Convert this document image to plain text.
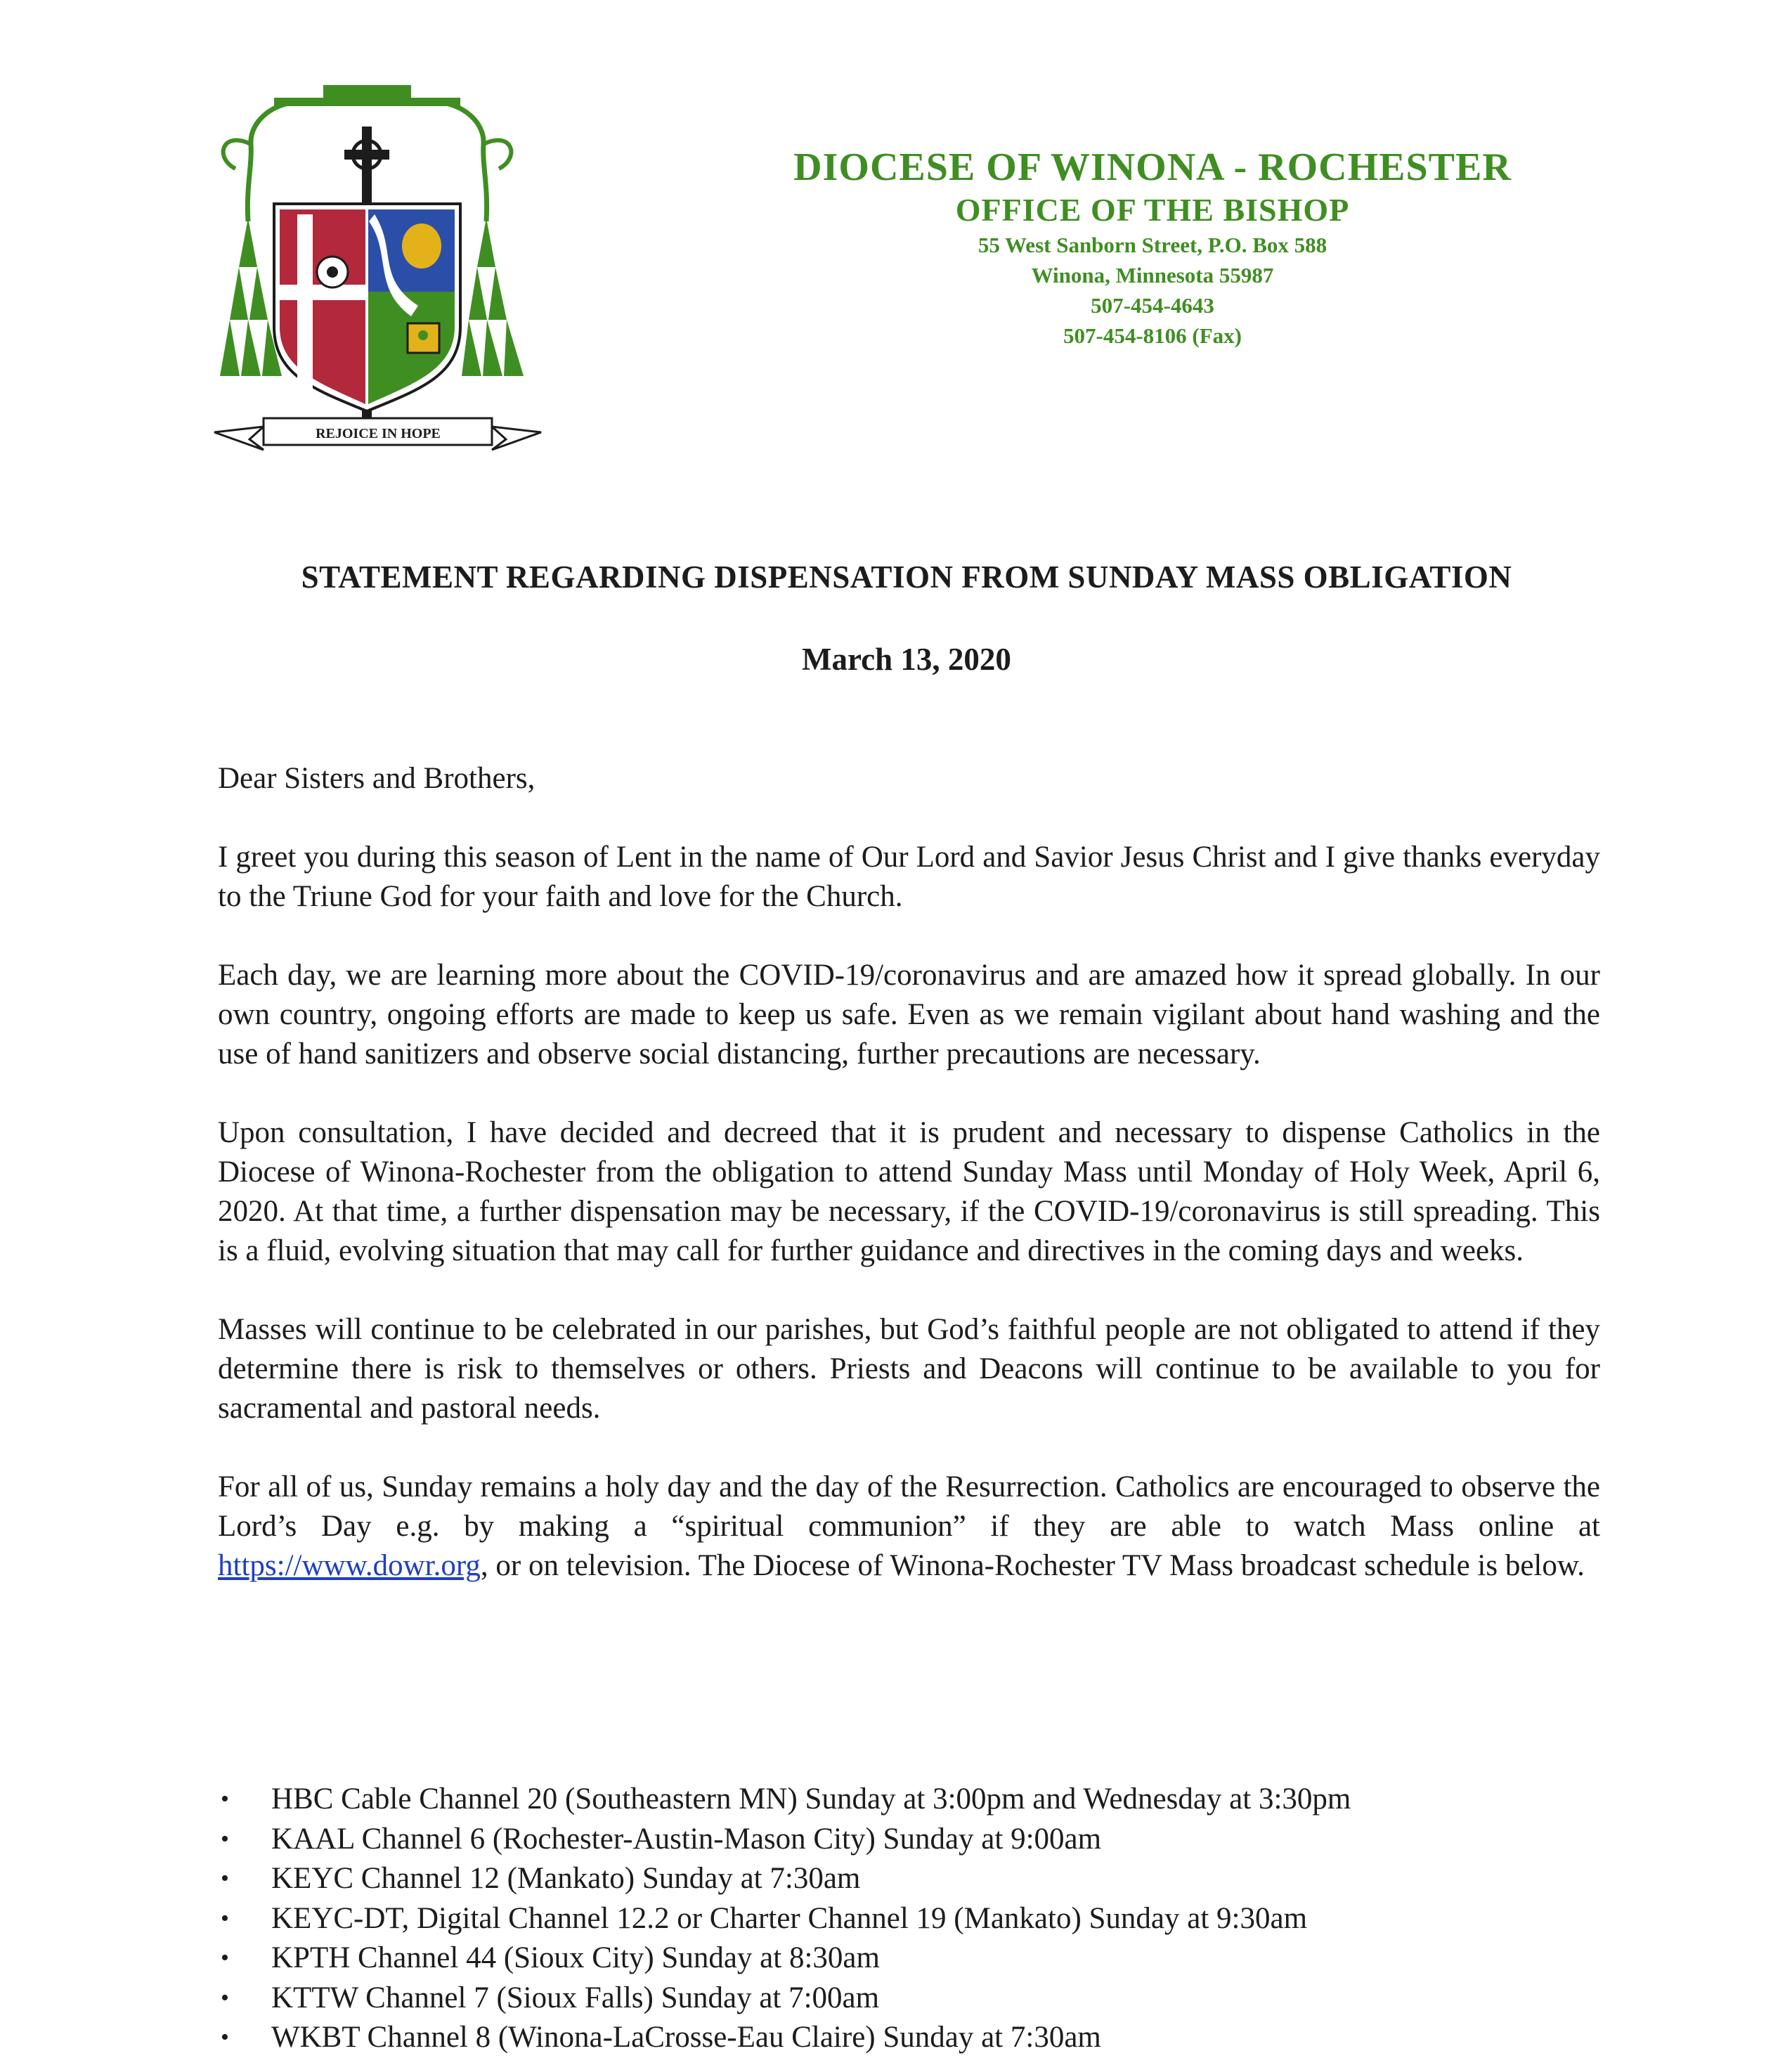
REJOICE IN HOPE
DIOCESE OF WINONA - ROCHESTER
OFFICE OF THE BISHOP
55 West Sanborn Street, P.O. Box 588
Winona, Minnesota 55987
507-454-4643
507-454-8106 (Fax)
STATEMENT REGARDING DISPENSATION FROM SUNDAY MASS OBLIGATION
March 13, 2020

Dear Sisters and Brothers,

I greet you during this season of Lent in the name of Our Lord and Savior Jesus Christ and I give thanks everyday to the Triune God for your faith and love for the Church.

Each day, we are learning more about the COVID-19/coronavirus and are amazed how it spread globally. In our own country, ongoing efforts are made to keep us safe. Even as we remain vigilant about hand washing and the use of hand sanitizers and observe social distancing, further precautions are necessary.

Upon consultation, I have decided and decreed that it is prudent and necessary to dispense Catholics in the Diocese of Winona-Rochester from the obligation to attend Sunday Mass until Monday of Holy Week, April 6, 2020. At that time, a further dispensation may be necessary, if the COVID-19/coronavirus is still spreading. This is a fluid, evolving situation that may call for further guidance and directives in the coming days and weeks.

Masses will continue to be celebrated in our parishes, but God’s faithful people are not obligated to attend if they determine there is risk to themselves or others. Priests and Deacons will continue to be available to you for sacramental and pastoral needs.

For all of us, Sunday remains a holy day and the day of the Resurrection. Catholics are encouraged to observe the Lord’s Day e.g. by making a “spiritual communion” if they are able to watch Mass online at https://www.dowr.org, or on television. The Diocese of Winona-Rochester TV Mass broadcast schedule is below.

• HBC Cable Channel 20 (Southeastern MN) Sunday at 3:00pm and Wednesday at 3:30pm
• KAAL Channel 6 (Rochester-Austin-Mason City) Sunday at 9:00am
• KEYC Channel 12 (Mankato) Sunday at 7:30am
• KEYC-DT, Digital Channel 12.2 or Charter Channel 19 (Mankato) Sunday at 9:30am
• KPTH Channel 44 (Sioux City) Sunday at 8:30am
• KTTW Channel 7 (Sioux Falls) Sunday at 7:00am
• WKBT Channel 8 (Winona-LaCrosse-Eau Claire) Sunday at 7:30am
